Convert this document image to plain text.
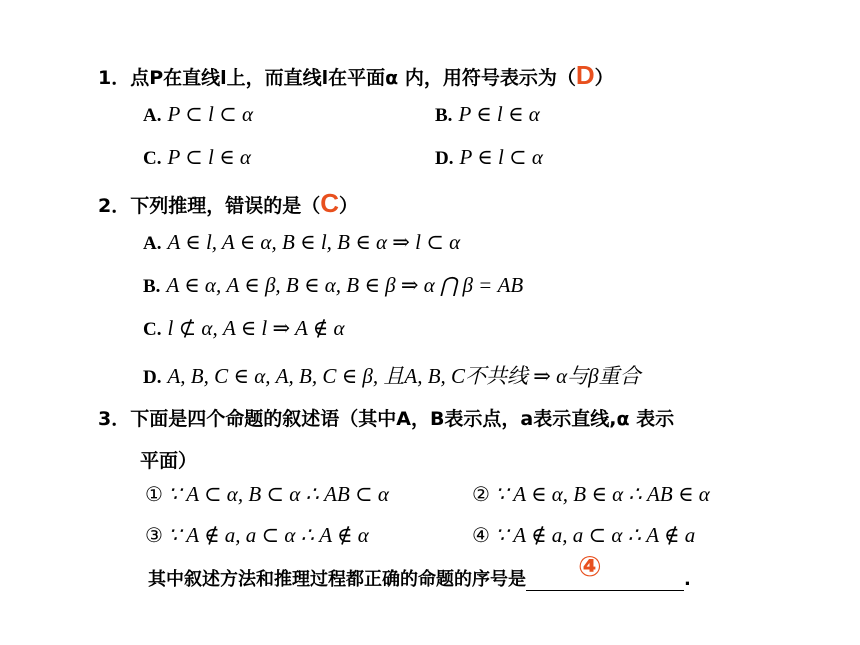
1．点P在直线l上，而直线l在平面α 内，用符号表示为（D）
A. P ⊂ l ⊂ α	B. P ∈ l ∈ α
C. P ⊂ l ∈ α	D. P ∈ l ⊂ α
2．下列推理，错误的是（C）
A. A ∈ l, A ∈ α, B ∈ l, B ∈ α ⇒ l ⊂ α
B. A ∈ α, A ∈ β, B ∈ α, B ∈ β ⇒ α ⋂ β = AB
C. l ⊄ α, A ∈ l ⇒ A ∉ α
D. A, B, C ∈ α, A, B, C ∈ β, 且A, B, C不共线 ⇒ α与β重合
3．下面是四个命题的叙述语（其中A，B表示点，a表示直线,α 表示
平面）
① ∵ A ⊂ α, B ⊂ α ∴ AB ⊂ α	② ∵ A ∈ α, B ∈ α ∴ AB ∈ α
③ ∵ A ∉ a, a ⊂ α ∴ A ∉ α	④ ∵ A ∉ a, a ⊂ α ∴ A ∉ a
其中叙述方法和推理过程都正确的命题的序号是 ④	.
